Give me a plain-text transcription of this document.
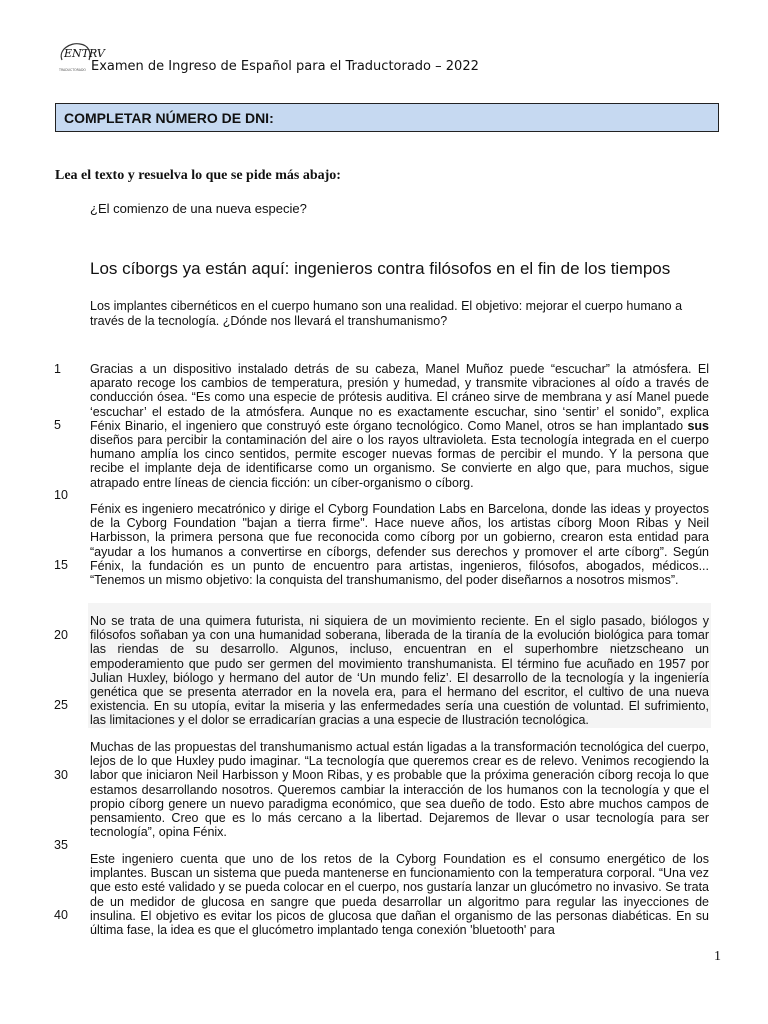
ENTRV
TRADUCTORADO Examen de Ingreso de Español para el Traductorado – 2022
COMPLETAR NÚMERO DE DNI:
Lea el texto y resuelva lo que se pide más abajo:
¿El comienzo de una nueva especie?
Los cíborgs ya están aquí: ingenieros contra filósofos en el fin de los tiempos
Los implantes cibernéticos en el cuerpo humano son una realidad. El objetivo: mejorar el cuerpo humano a través de la tecnología. ¿Dónde nos llevará el transhumanismo?
Gracias a un dispositivo instalado detrás de su cabeza, Manel Muñoz puede “escuchar” la atmósfera. El aparato recoge los cambios de temperatura, presión y humedad, y transmite vibraciones al oído a través de conducción ósea. “Es como una especie de prótesis auditiva. El cráneo sirve de membrana y así Manel puede ‘escuchar’ el estado de la atmósfera. Aunque no es exactamente escuchar, sino ‘sentir’ el sonido”, explica Fénix Binario, el ingeniero que construyó este órgano tecnológico. Como Manel, otros se han implantado sus diseños para percibir la contaminación del aire o los rayos ultravioleta. Esta tecnología integrada en el cuerpo humano amplía los cinco sentidos, permite escoger nuevas formas de percibir el mundo. Y la persona que recibe el implante deja de identificarse como un organismo. Se convierte en algo que, para muchos, sigue atrapado entre líneas de ciencia ficción: un cíber-organismo o cíborg.
Fénix es ingeniero mecatrónico y dirige el Cyborg Foundation Labs en Barcelona, donde las ideas y proyectos de la Cyborg Foundation "bajan a tierra firme". Hace nueve años, los artistas cíborg Moon Ribas y Neil Harbisson, la primera persona que fue reconocida como cíborg por un gobierno, crearon esta entidad para “ayudar a los humanos a convertirse en cíborgs, defender sus derechos y promover el arte cíborg”. Según Fénix, la fundación es un punto de encuentro para artistas, ingenieros, filósofos, abogados, médicos... “Tenemos un mismo objetivo: la conquista del transhumanismo, del poder diseñarnos a nosotros mismos”.
No se trata de una quimera futurista, ni siquiera de un movimiento reciente. En el siglo pasado, biólogos y filósofos soñaban ya con una humanidad soberana, liberada de la tiranía de la evolución biológica para tomar las riendas de su desarrollo. Algunos, incluso, encuentran en el superhombre nietzscheano un empoderamiento que pudo ser germen del movimiento transhumanista. El término fue acuñado en 1957 por Julian Huxley, biólogo y hermano del autor de ‘Un mundo feliz’. El desarrollo de la tecnología y la ingeniería genética que se presenta aterrador en la novela era, para el hermano del escritor, el cultivo de una nueva existencia. En su utopía, evitar la miseria y las enfermedades sería una cuestión de voluntad. El sufrimiento, las limitaciones y el dolor se erradicarían gracias a una especie de Ilustración tecnológica.
Muchas de las propuestas del transhumanismo actual están ligadas a la transformación tecnológica del cuerpo, lejos de lo que Huxley pudo imaginar. “La tecnología que queremos crear es de relevo. Venimos recogiendo la labor que iniciaron Neil Harbisson y Moon Ribas, y es probable que la próxima generación cíborg recoja lo que estamos desarrollando nosotros. Queremos cambiar la interacción de los humanos con la tecnología y que el propio cíborg genere un nuevo paradigma económico, que sea dueño de todo. Esto abre muchos campos de pensamiento. Creo que es lo más cercano a la libertad. Dejaremos de llevar o usar tecnología para ser tecnología”, opina Fénix.
Este ingeniero cuenta que uno de los retos de la Cyborg Foundation es el consumo energético de los implantes. Buscan un sistema que pueda mantenerse en funcionamiento con la temperatura corporal. “Una vez que esto esté validado y se pueda colocar en el cuerpo, nos gustaría lanzar un glucómetro no invasivo. Se trata de un medidor de glucosa en sangre que pueda desarrollar un algoritmo para regular las inyecciones de insulina. El objetivo es evitar los picos de glucosa que dañan el organismo de las personas diabéticas. En su última fase, la idea es que el glucómetro implantado tenga conexión 'bluetooth' para
1
5
10
15
20
25
30
35
40
1
